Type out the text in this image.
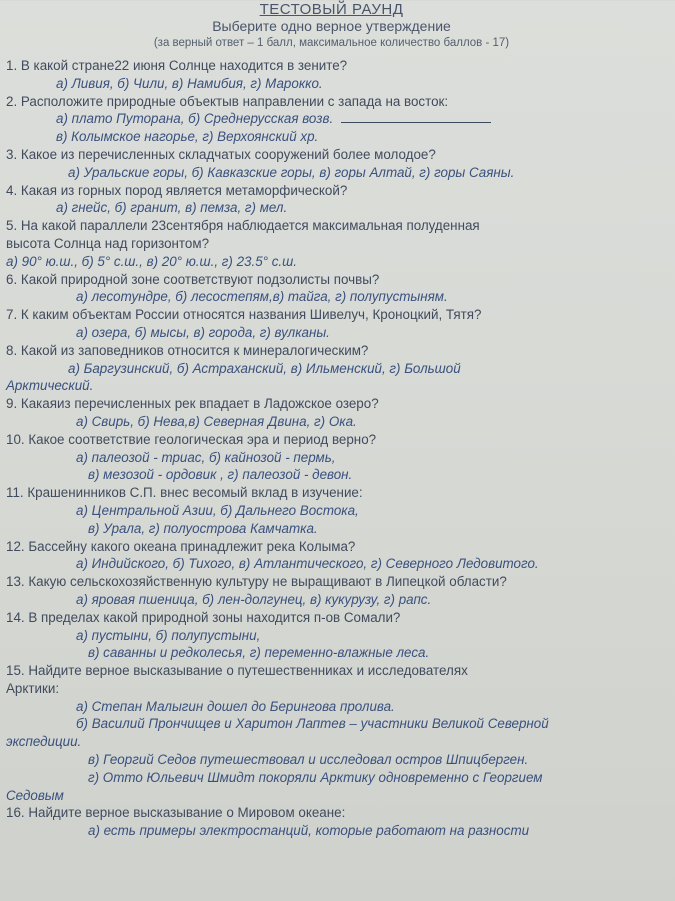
ТЕСТОВЫЙ РАУНД
Выберите одно верное утверждение
(за верный ответ – 1 балл, максимальное количество баллов - 17)
1. В какой стране22 июня Солнце находится в зените?
а) Ливия, б) Чили, в) Намибия, г) Марокко.
2. Расположите природные объектыв направлении с запада на восток:
а) плато Путорана, б) Среднерусская возв.
в) Колымское нагорье, г) Верхоянский хр.
3. Какое из перечисленных складчатых сооружений более молодое?
а) Уральские горы, б) Кавказские горы, в) горы Алтай, г) горы Саяны.
4. Какая из горных пород является метаморфической?
а) гнейс, б) гранит, в) пемза, г) мел.
5. На какой параллели 23сентября наблюдается максимальная полуденная
высота Солнца над горизонтом?
а) 90° ю.ш., б) 5° с.ш., в) 20° ю.ш., г) 23.5° с.ш.
6. Какой природной зоне соответствуют подзолисты почвы?
а) лесотундре, б) лесостепям,в) тайга, г) полупустыням.
7. К каким объектам России относятся названия Шивелуч, Кроноцкий, Тятя?
а) озера, б) мысы, в) города, г) вулканы.
8. Какой из заповедников относится к минералогическим?
а) Баргузинский, б) Астраханский, в) Ильменский, г) Большой
Арктический.
9. Какаяиз перечисленных рек впадает в Ладожское озеро?
а) Свирь, б) Нева,в) Северная Двина, г) Ока.
10. Какое соответствие геологическая эра и период верно?
а) палеозой - триас, б) кайнозой - пермь,
в) мезозой - ордовик , г) палеозой - девон.
11. Крашенинников С.П. внес весомый вклад в изучение:
а) Центральной Азии, б) Дальнего Востока,
в) Урала, г) полуострова Камчатка.
12. Бассейну какого океана принадлежит река Колыма?
а) Индийского, б) Тихого, в) Атлантического, г) Северного Ледовитого.
13. Какую сельскохозяйственную культуру не выращивают в Липецкой области?
а) яровая пшеница, б) лен-долгунец, в) кукурузу, г) рапс.
14. В пределах какой природной зоны находится п-ов Сомали?
а) пустыни, б) полупустыни,
в) саванны и редколесья, г) переменно-влажные леса.
15. Найдите верное высказывание о путешественниках и исследователях
Арктики:
а) Степан Малыгин дошел до Берингова пролива.
б) Василий Прончищев и Харитон Лаптев – участники Великой Северной
экспедиции.
в) Георгий Седов путешествовал и исследовал остров Шпицберген.
г) Отто Юльевич Шмидт покоряли Арктику одновременно с Георгием
Седовым
16. Найдите верное высказывание о Мировом океане:
а) есть примеры электростанций, которые работают на разности
